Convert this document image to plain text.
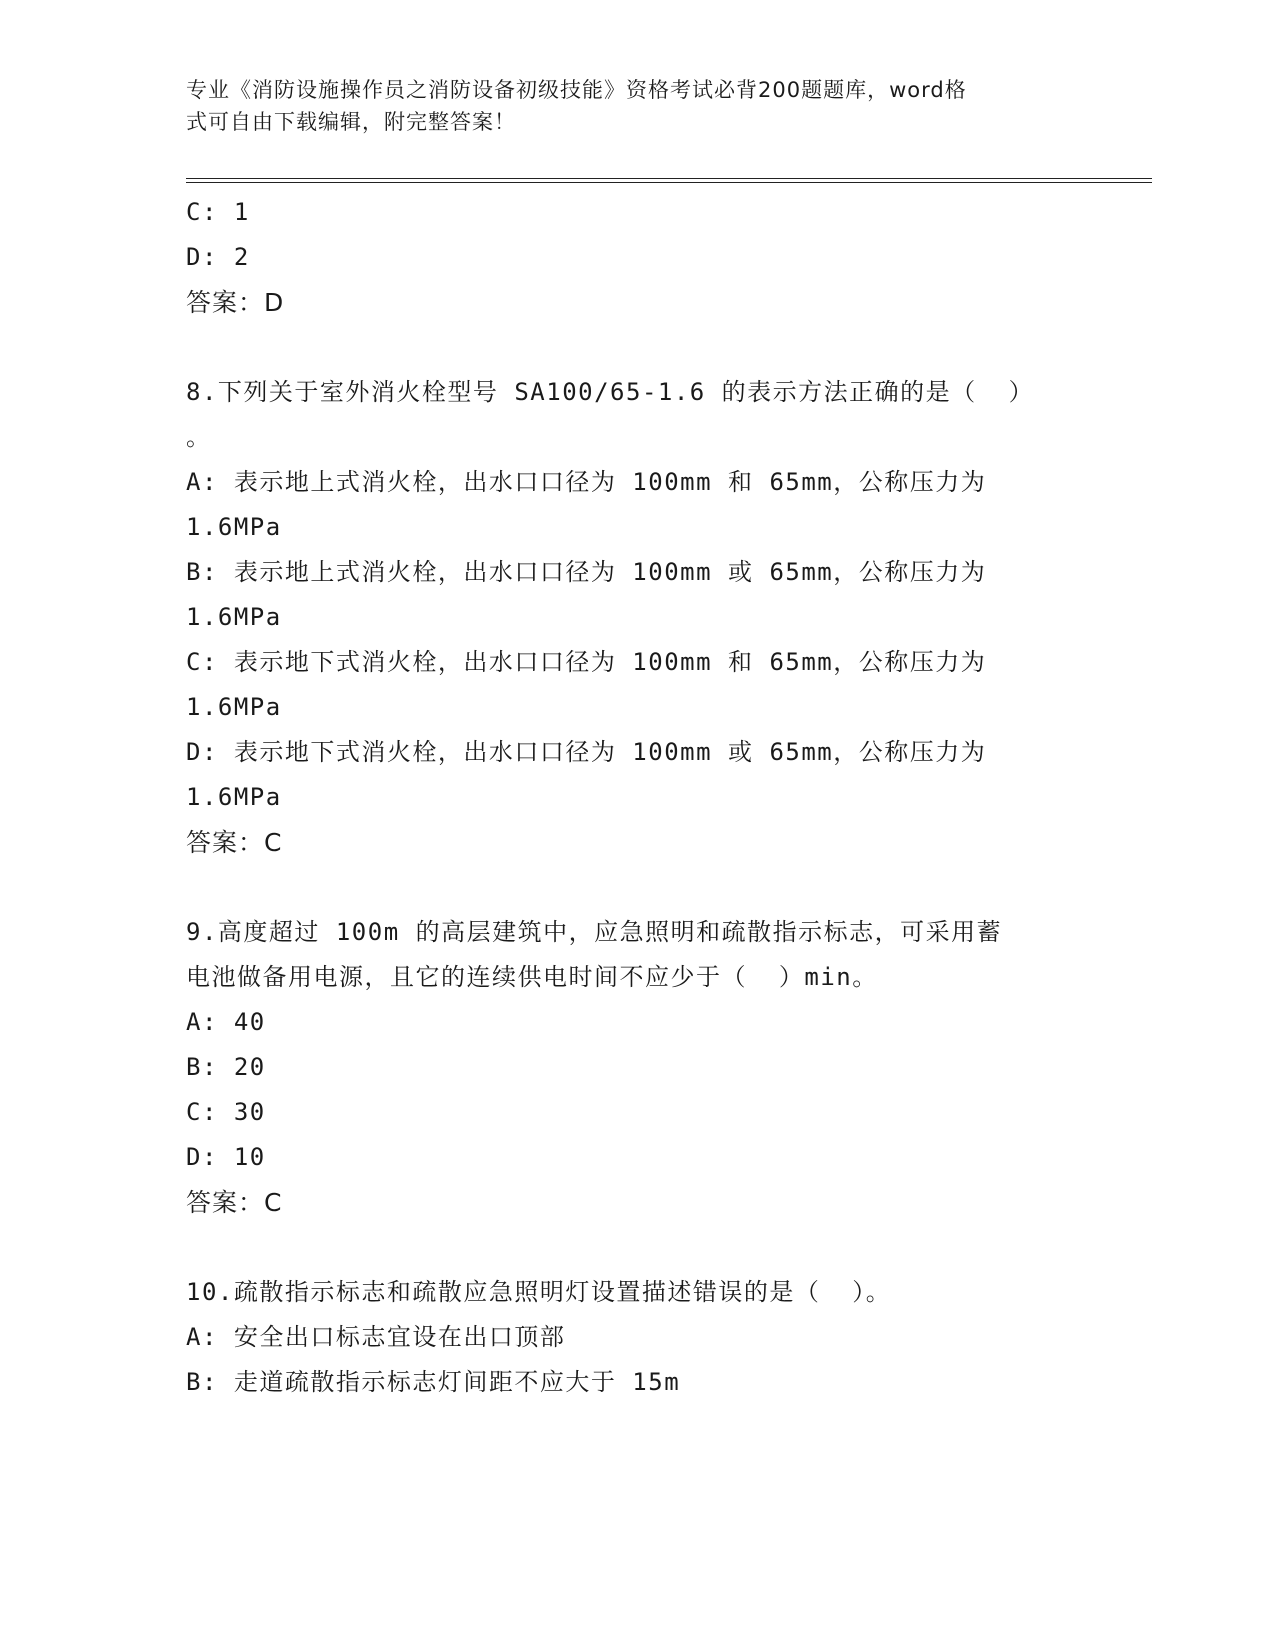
专业《消防设施操作员之消防设备初级技能》资格考试必背200题题库，word格
式可自由下载编辑，附完整答案！
C: 1
D: 2
答案：D
8.下列关于室外消火栓型号 SA100/65-1.6 的表示方法正确的是（  ）
。
A: 表示地上式消火栓，出水口口径为 100mm 和 65mm，公称压力为
1.6MPa
B: 表示地上式消火栓，出水口口径为 100mm 或 65mm，公称压力为
1.6MPa
C: 表示地下式消火栓，出水口口径为 100mm 和 65mm，公称压力为
1.6MPa
D: 表示地下式消火栓，出水口口径为 100mm 或 65mm，公称压力为
1.6MPa
答案：C
9.高度超过 100m 的高层建筑中，应急照明和疏散指示标志，可采用蓄
电池做备用电源，且它的连续供电时间不应少于（  ）min。
A: 40
B: 20
C: 30
D: 10
答案：C
10.疏散指示标志和疏散应急照明灯设置描述错误的是（  ）。
A: 安全出口标志宜设在出口顶部
B: 走道疏散指示标志灯间距不应大于 15m
